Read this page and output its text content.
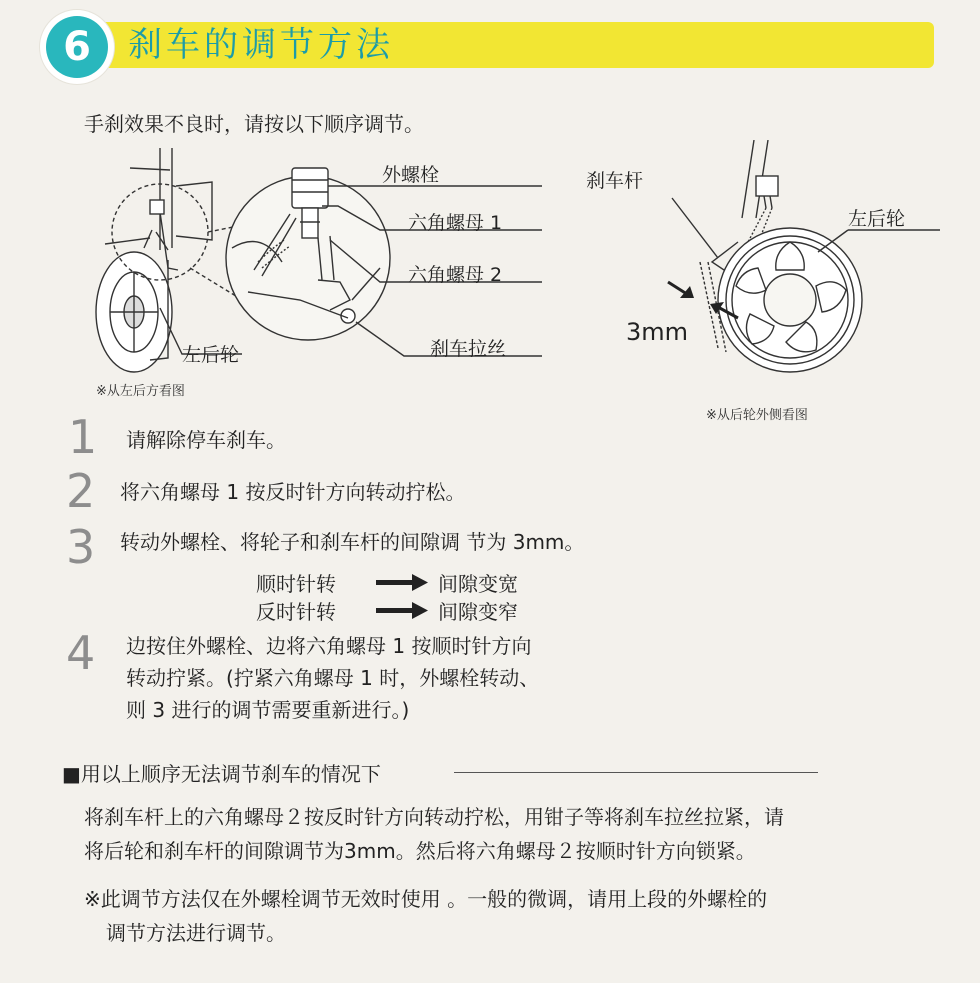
6	刹车的调节方法
手刹效果不良时，请按以下顺序调节。
外螺栓
六角螺母 1
六角螺母 2
刹车拉丝
左后轮
※从左后方看图
刹车杆
左后轮
3mm
※从后轮外侧看图
1 请解除停车刹车。
2 将六角螺母 1 按反时针方向转动拧松。
3 转动外螺栓、将轮子和刹车杆的间隙调 节为 3mm。
顺时针转	间隙变宽
反时针转	间隙变窄
4 边按住外螺栓、边将六角螺母 1 按顺时针方向
转动拧紧。(拧紧六角螺母 1 时，外螺栓转动、
则 3 进行的调节需要重新进行。)
■用以上顺序无法调节刹车的情况下
将刹车杆上的六角螺母２按反时针方向转动拧松，用钳子等将刹车拉丝拉紧，请
将后轮和刹车杆的间隙调节为3mm。然后将六角螺母２按顺时针方向锁紧。
※此调节方法仅在外螺栓调节无效时使用 。一般的微调，请用上段的外螺栓的
调节方法进行调节。
